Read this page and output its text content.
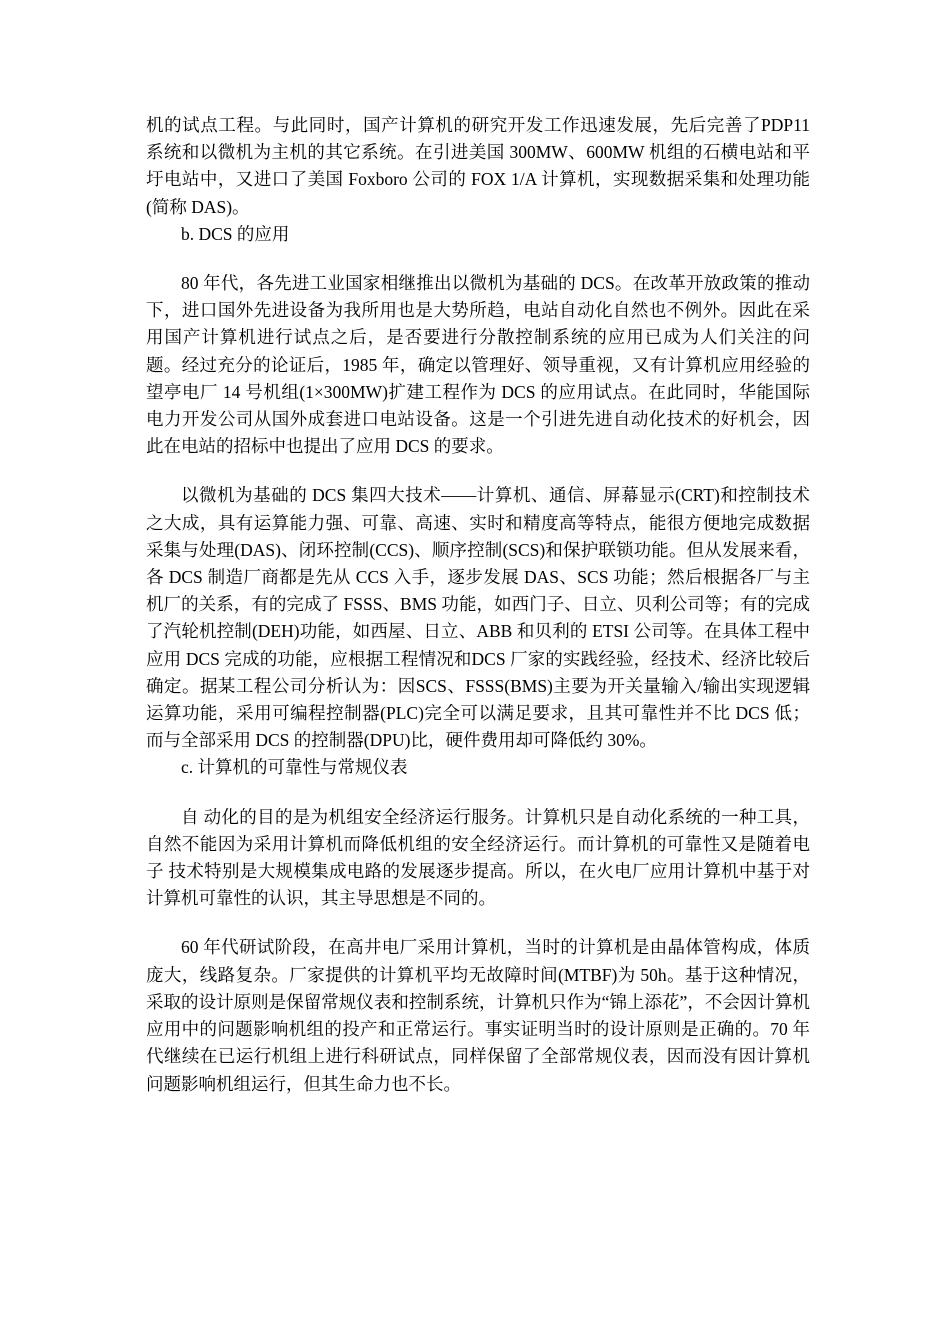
机的试点工程。与此同时，国产计算机的研究开发工作迅速发展，先后完善了PDP11 系统和以微机为主机的其它系统。在引进美国 300MW、600MW 机组的石横电站和平圩电站中，又进口了美国 Foxboro 公司的 FOX 1/A 计算机，实现数据采集和处理功能(简称 DAS)。

b. DCS 的应用

80 年代，各先进工业国家相继推出以微机为基础的 DCS。在改革开放政策的推动下，进口国外先进设备为我所用也是大势所趋，电站自动化自然也不例外。因此在采用国产计算机进行试点之后，是否要进行分散控制系统的应用已成为人们关注的问题。经过充分的论证后，1985 年，确定以管理好、领导重视，又有计算机应用经验的望亭电厂 14 号机组(1×300MW)扩建工程作为 DCS 的应用试点。在此同时，华能国际电力开发公司从国外成套进口电站设备。这是一个引进先进自动化技术的好机会，因此在电站的招标中也提出了应用 DCS 的要求。

以微机为基础的 DCS 集四大技术——计算机、通信、屏幕显示(CRT)和控制技术之大成，具有运算能力强、可靠、高速、实时和精度高等特点，能很方便地完成数据采集与处理(DAS)、闭环控制(CCS)、顺序控制(SCS)和保护联锁功能。但从发展来看，各 DCS 制造厂商都是先从 CCS 入手，逐步发展 DAS、SCS 功能；然后根据各厂与主机厂的关系，有的完成了 FSSS、BMS 功能，如西门子、日立、贝利公司等；有的完成了汽轮机控制(DEH)功能，如西屋、日立、ABB 和贝利的 ETSI 公司等。在具体工程中应用 DCS 完成的功能，应根据工程情况和DCS 厂家的实践经验，经技术、经济比较后确定。据某工程公司分析认为：因SCS、FSSS(BMS)主要为开关量输入/输出实现逻辑运算功能，采用可编程控制器(PLC)完全可以满足要求，且其可靠性并不比 DCS 低；而与全部采用 DCS 的控制器(DPU)比，硬件费用却可降低约 30%。

c. 计算机的可靠性与常规仪表

自 动化的目的是为机组安全经济运行服务。计算机只是自动化系统的一种工具，自然不能因为采用计算机而降低机组的安全经济运行。而计算机的可靠性又是随着电子 技术特别是大规模集成电路的发展逐步提高。所以，在火电厂应用计算机中基于对计算机可靠性的认识，其主导思想是不同的。

60 年代研试阶段，在高井电厂采用计算机，当时的计算机是由晶体管构成，体质庞大，线路复杂。厂家提供的计算机平均无故障时间(MTBF)为 50h。基于这种情况，采取的设计原则是保留常规仪表和控制系统，计算机只作为“锦上添花”，不会因计算机应用中的问题影响机组的投产和正常运行。事实证明当时的设计原则是正确的。70 年代继续在已运行机组上进行科研试点，同样保留了全部常规仪表，因而没有因计算机问题影响机组运行，但其生命力也不长。
